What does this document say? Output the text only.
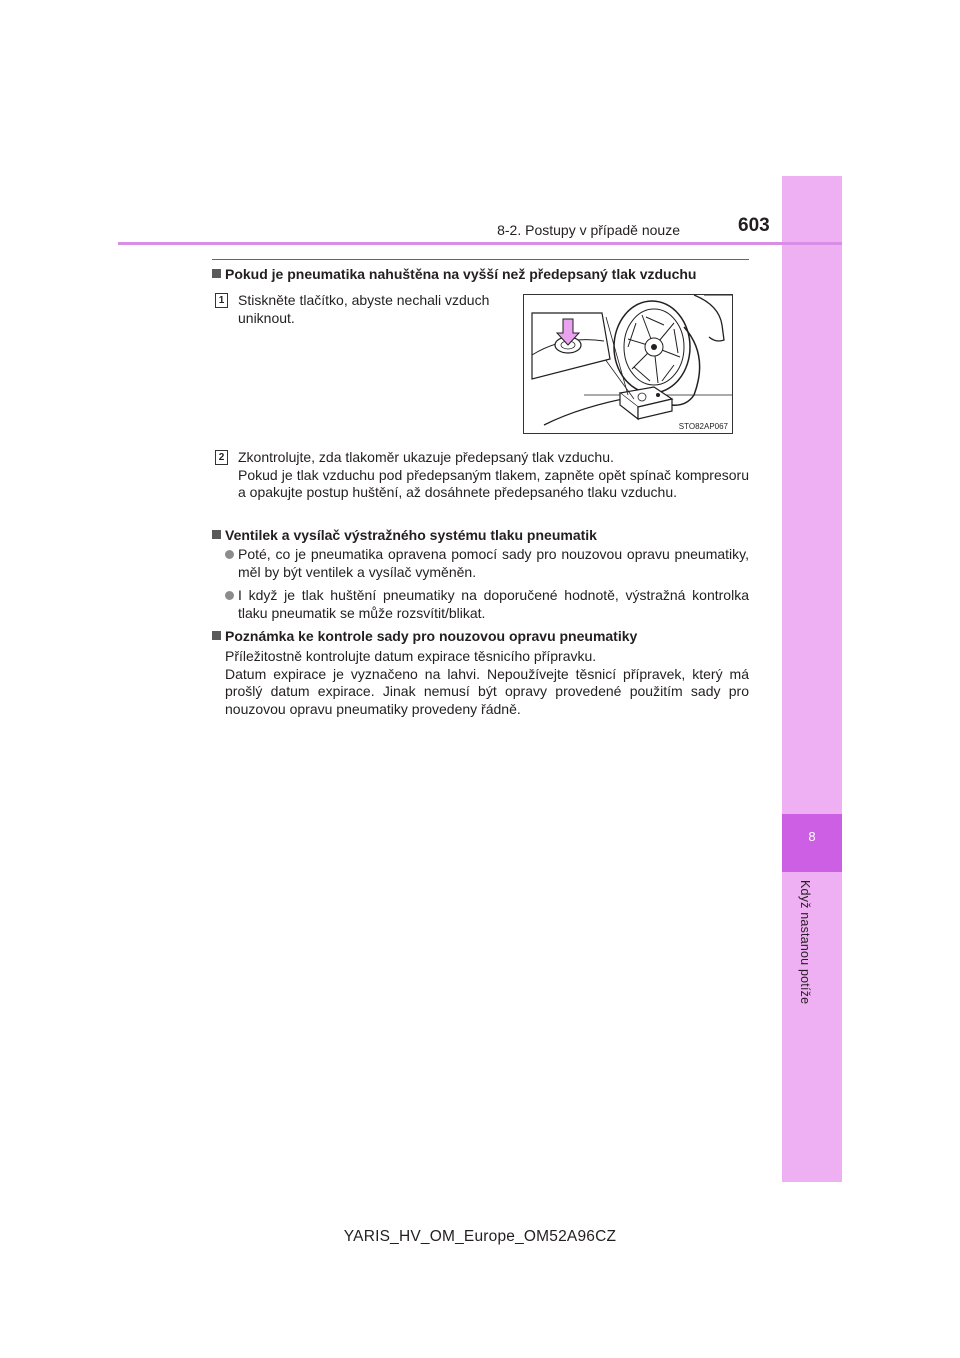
8
Když nastanou potíže
8-2. Postupy v případě nouze	603
Pokud je pneumatika nahuštěna na vyšší než předepsaný tlak vzduchu
1 Stiskněte tlačítko, abyste nechali vzduch
uniknout.
2 Zkontrolujte, zda tlakoměr ukazuje předepsaný tlak vzduchu.
Pokud je tlak vzduchu pod předepsaným tlakem, zapněte opět spínač kompresoru a opakujte postup huštění, až dosáhnete předepsaného tlaku vzduchu.
Ventilek a vysílač výstražného systému tlaku pneumatik
Poté, co je pneumatika opravena pomocí sady pro nouzovou opravu pneumatiky, měl by být ventilek a vysílač vyměněn.
I když je tlak huštění pneumatiky na doporučené hodnotě, výstražná kontrolka tlaku pneumatik se může rozsvítit/blikat.
Poznámka ke kontrole sady pro nouzovou opravu pneumatiky
Příležitostně kontrolujte datum expirace těsnicího přípravku.
Datum expirace je vyznačeno na lahvi. Nepoužívejte těsnicí přípravek, který má prošlý datum expirace. Jinak nemusí být opravy provedené použitím sady pro nouzovou opravu pneumatiky provedeny řádně.
STO82AP067
YARIS_HV_OM_Europe_OM52A96CZ
